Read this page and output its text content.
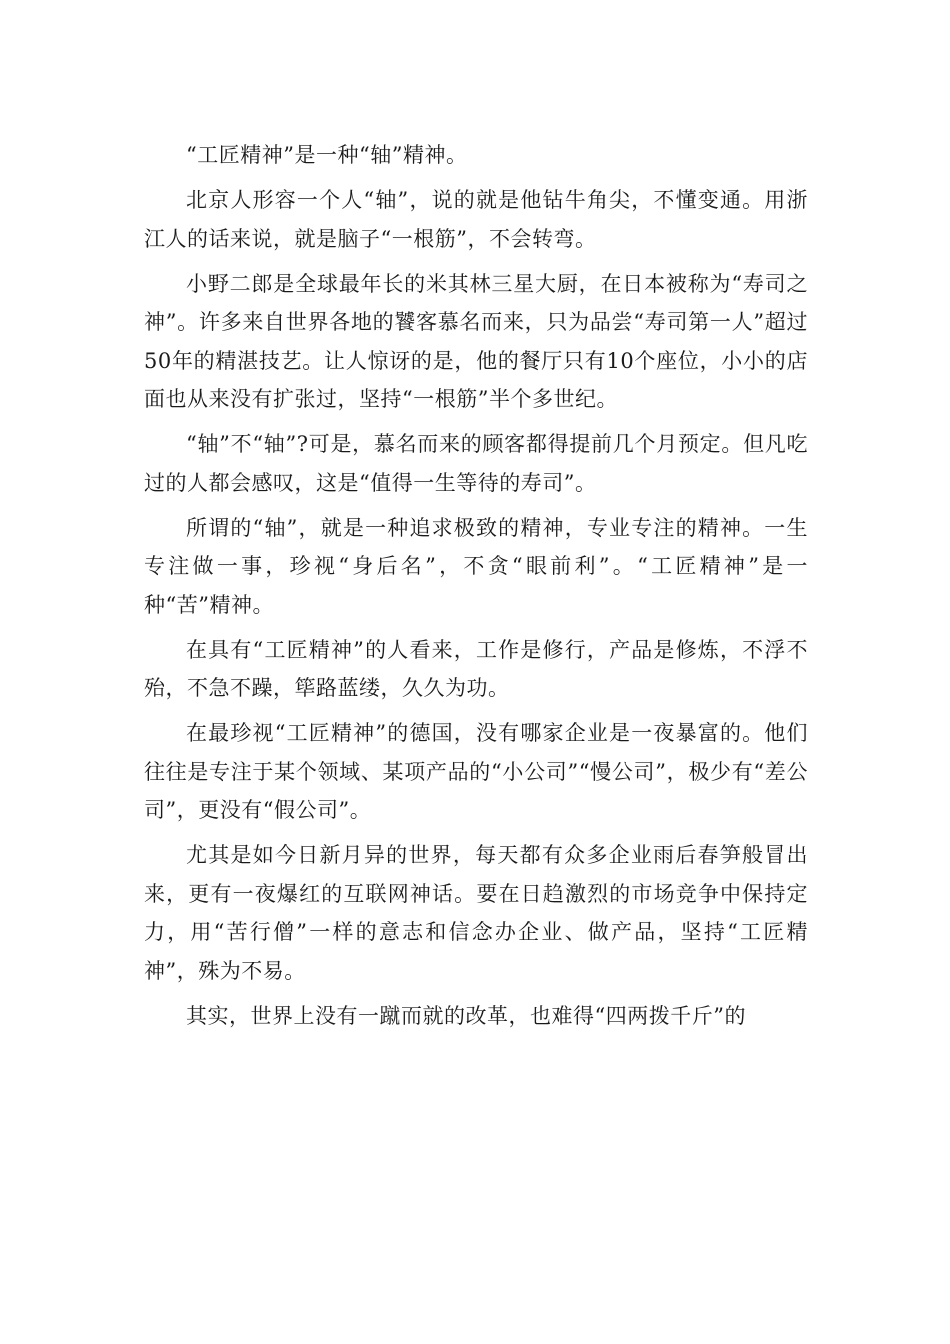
“工匠精神”是一种“轴”精神。

北京人形容一个人“轴”，说的就是他钻牛角尖，不懂变通。用浙江人的话来说，就是脑子“一根筋”，不会转弯。

小野二郎是全球最年长的米其林三星大厨，在日本被称为“寿司之神”。许多来自世界各地的饕客慕名而来，只为品尝“寿司第一人”超过50年的精湛技艺。让人惊讶的是，他的餐厅只有10个座位，小小的店面也从来没有扩张过，坚持“一根筋”半个多世纪。

“轴”不“轴”?可是，慕名而来的顾客都得提前几个月预定。但凡吃过的人都会感叹，这是“值得一生等待的寿司”。

所谓的“轴”，就是一种追求极致的精神，专业专注的精神。一生专注做一事，珍视“身后名”，不贪“眼前利”。“工匠精神”是一种“苦”精神。

在具有“工匠精神”的人看来，工作是修行，产品是修炼，不浮不殆，不急不躁，筚路蓝缕，久久为功。

在最珍视“工匠精神”的德国，没有哪家企业是一夜暴富的。他们往往是专注于某个领域、某项产品的“小公司”“慢公司”，极少有“差公司”，更没有“假公司”。

尤其是如今日新月异的世界，每天都有众多企业雨后春笋般冒出来，更有一夜爆红的互联网神话。要在日趋激烈的市场竞争中保持定力，用“苦行僧”一样的意志和信念办企业、做产品，坚持“工匠精神”，殊为不易。

其实，世界上没有一蹴而就的改革，也难得“四两拨千斤”的
